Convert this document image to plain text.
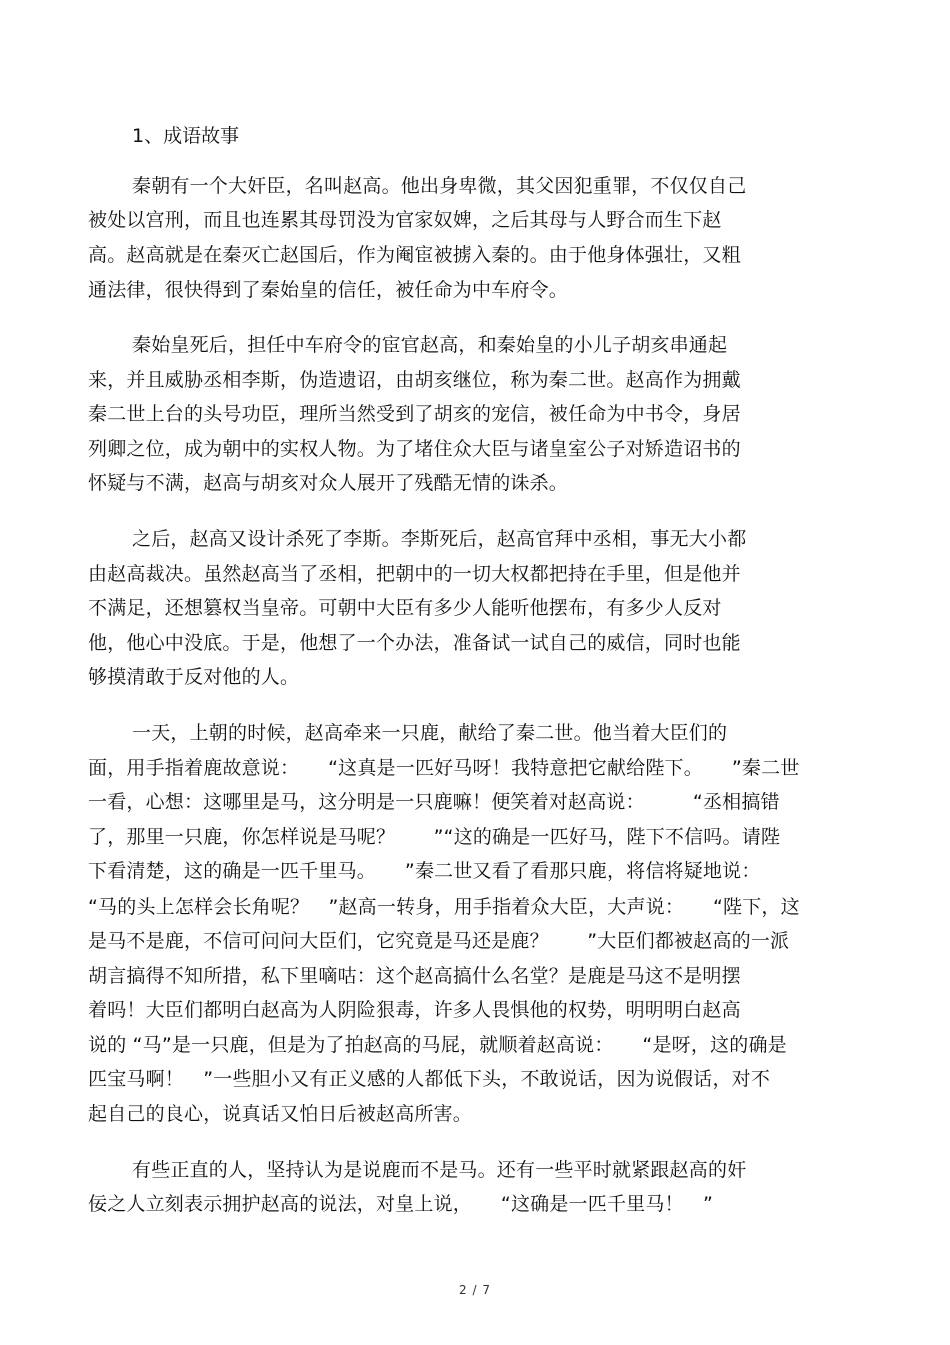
1、成语故事
秦朝有一个大奸臣，名叫赵高。他出身卑微，其父因犯重罪，不仅仅自己
被处以宫刑，而且也连累其母罚没为官家奴婢，之后其母与人野合而生下赵
高。赵高就是在秦灭亡赵国后，作为阉宦被掳入秦的。由于他身体强壮，又粗
通法律，很快得到了秦始皇的信任，被任命为中车府令。
秦始皇死后，担任中车府令的宦官赵高，和秦始皇的小儿子胡亥串通起
来，并且威胁丞相李斯，伪造遗诏，由胡亥继位，称为秦二世。赵高作为拥戴
秦二世上台的头号功臣，理所当然受到了胡亥的宠信，被任命为中书令，身居
列卿之位，成为朝中的实权人物。为了堵住众大臣与诸皇室公子对矫造诏书的
怀疑与不满，赵高与胡亥对众人展开了残酷无情的诛杀。
之后，赵高又设计杀死了李斯。李斯死后，赵高官拜中丞相，事无大小都
由赵高裁决。虽然赵高当了丞相，把朝中的一切大权都把持在手里，但是他并
不满足，还想篡权当皇帝。可朝中大臣有多少人能听他摆布，有多少人反对
他，他心中没底。于是，他想了一个办法，准备试一试自己的威信，同时也能
够摸清敢于反对他的人。
一天，上朝的时候，赵高牵来一只鹿，献给了秦二世。他当着大臣们的
面，用手指着鹿故意说：　　“这真是一匹好马呀！我特意把它献给陛下。　　”秦二世
一看，心想：这哪里是马，这分明是一只鹿嘛！便笑着对赵高说：　　　“丞相搞错
了，那里一只鹿，你怎样说是马呢？　　”“这的确是一匹好马，陛下不信吗。请陛
下看清楚，这的确是一匹千里马。　　”秦二世又看了看那只鹿，将信将疑地说：
“马的头上怎样会长角呢？　”赵高一转身，用手指着众大臣，大声说：　　“陛下，这
是马不是鹿，不信可问问大臣们，它究竟是马还是鹿？　　”大臣们都被赵高的一派
胡言搞得不知所措，私下里嘀咕：这个赵高搞什么名堂？是鹿是马这不是明摆
着吗！大臣们都明白赵高为人阴险狠毒，许多人畏惧他的权势，明明明白赵高
说的 “马”是一只鹿，但是为了拍赵高的马屁，就顺着赵高说：　　“是呀，这的确是
匹宝马啊！　”一些胆小又有正义感的人都低下头，不敢说话，因为说假话，对不
起自己的良心，说真话又怕日后被赵高所害。
有些正直的人，坚持认为是说鹿而不是马。还有一些平时就紧跟赵高的奸
佞之人立刻表示拥护赵高的说法，对皇上说，　　“这确是一匹千里马！　”
2 / 7
